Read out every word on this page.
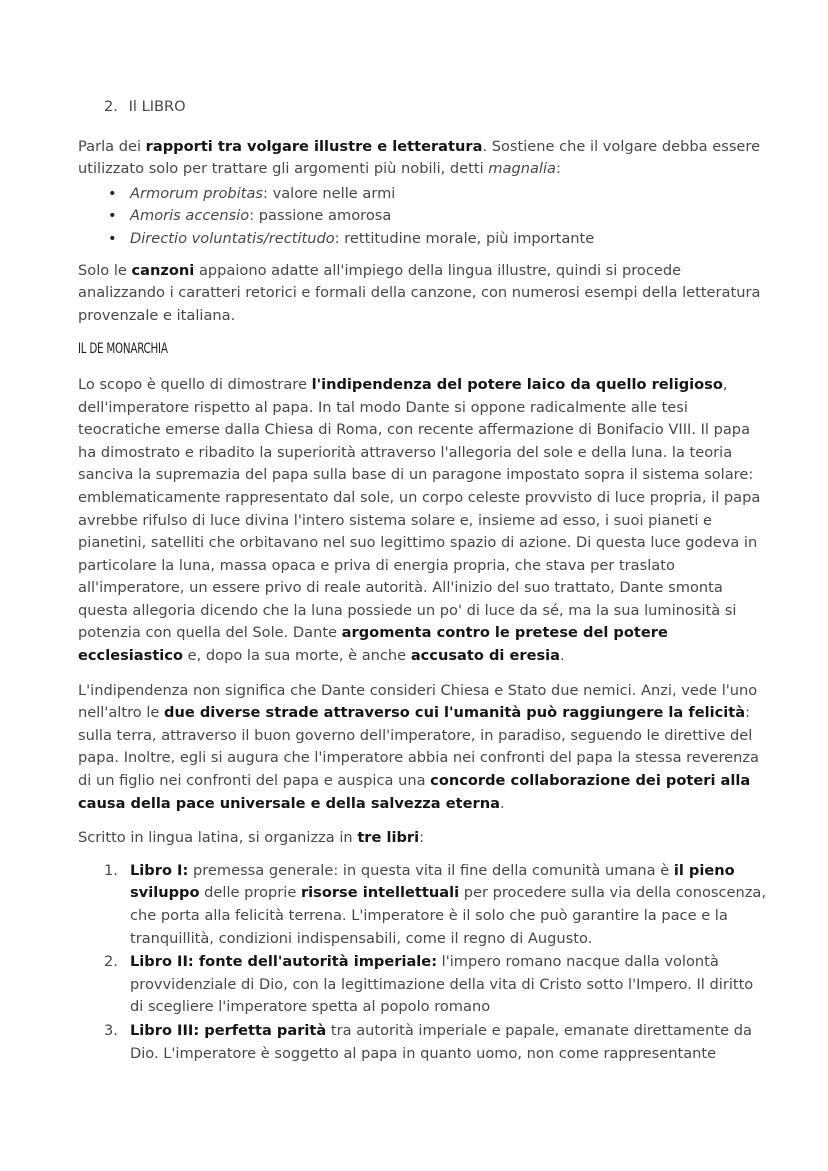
2. Il LIBRO

Parla dei rapporti tra volgare illustre e letteratura. Sostiene che il volgare debba essere utilizzato solo per trattare gli argomenti più nobili, detti magnalia:

• Armorum probitas: valore nelle armi
• Amoris accensio: passione amorosa
• Directio voluntatis/rectitudo: rettitudine morale, più importante

Solo le canzoni appaiono adatte all'impiego della lingua illustre, quindi si procede analizzando i caratteri retorici e formali della canzone, con numerosi esempi della letteratura provenzale e italiana.

IL DE MONARCHIA

Lo scopo è quello di dimostrare l'indipendenza del potere laico da quello religioso, dell'imperatore rispetto al papa. In tal modo Dante si oppone radicalmente alle tesi teocratiche emerse dalla Chiesa di Roma, con recente affermazione di Bonifacio VIII. Il papa ha dimostrato e ribadito la superiorità attraverso l'allegoria del sole e della luna. la teoria sanciva la supremazia del papa sulla base di un paragone impostato sopra il sistema solare: emblematicamente rappresentato dal sole, un corpo celeste provvisto di luce propria, il papa avrebbe rifulso di luce divina l'intero sistema solare e, insieme ad esso, i suoi pianeti e pianetini, satelliti che orbitavano nel suo legittimo spazio di azione. Di questa luce godeva in particolare la luna, massa opaca e priva di energia propria, che stava per traslato all'imperatore, un essere privo di reale autorità. All'inizio del suo trattato, Dante smonta questa allegoria dicendo che la luna possiede un po' di luce da sé, ma la sua luminosità si potenzia con quella del Sole. Dante argomenta contro le pretese del potere ecclesiastico e, dopo la sua morte, è anche accusato di eresia.

L'indipendenza non significa che Dante consideri Chiesa e Stato due nemici. Anzi, vede l'uno nell'altro le due diverse strade attraverso cui l'umanità può raggiungere la felicità: sulla terra, attraverso il buon governo dell'imperatore, in paradiso, seguendo le direttive del papa. Inoltre, egli si augura che l'imperatore abbia nei confronti del papa la stessa reverenza di un figlio nei confronti del papa e auspica una concorde collaborazione dei poteri alla causa della pace universale e della salvezza eterna.

Scritto in lingua latina, si organizza in tre libri:

1. Libro I: premessa generale: in questa vita il fine della comunità umana è il pieno sviluppo delle proprie risorse intellettuali per procedere sulla via della conoscenza, che porta alla felicità terrena. L'imperatore è il solo che può garantire la pace e la tranquillità, condizioni indispensabili, come il regno di Augusto.
2. Libro II: fonte dell'autorità imperiale: l'impero romano nacque dalla volontà provvidenziale di Dio, con la legittimazione della vita di Cristo sotto l'Impero. Il diritto di scegliere l'imperatore spetta al popolo romano
3. Libro III: perfetta parità tra autorità imperiale e papale, emanate direttamente da Dio. L'imperatore è soggetto al papa in quanto uomo, non come rappresentante
